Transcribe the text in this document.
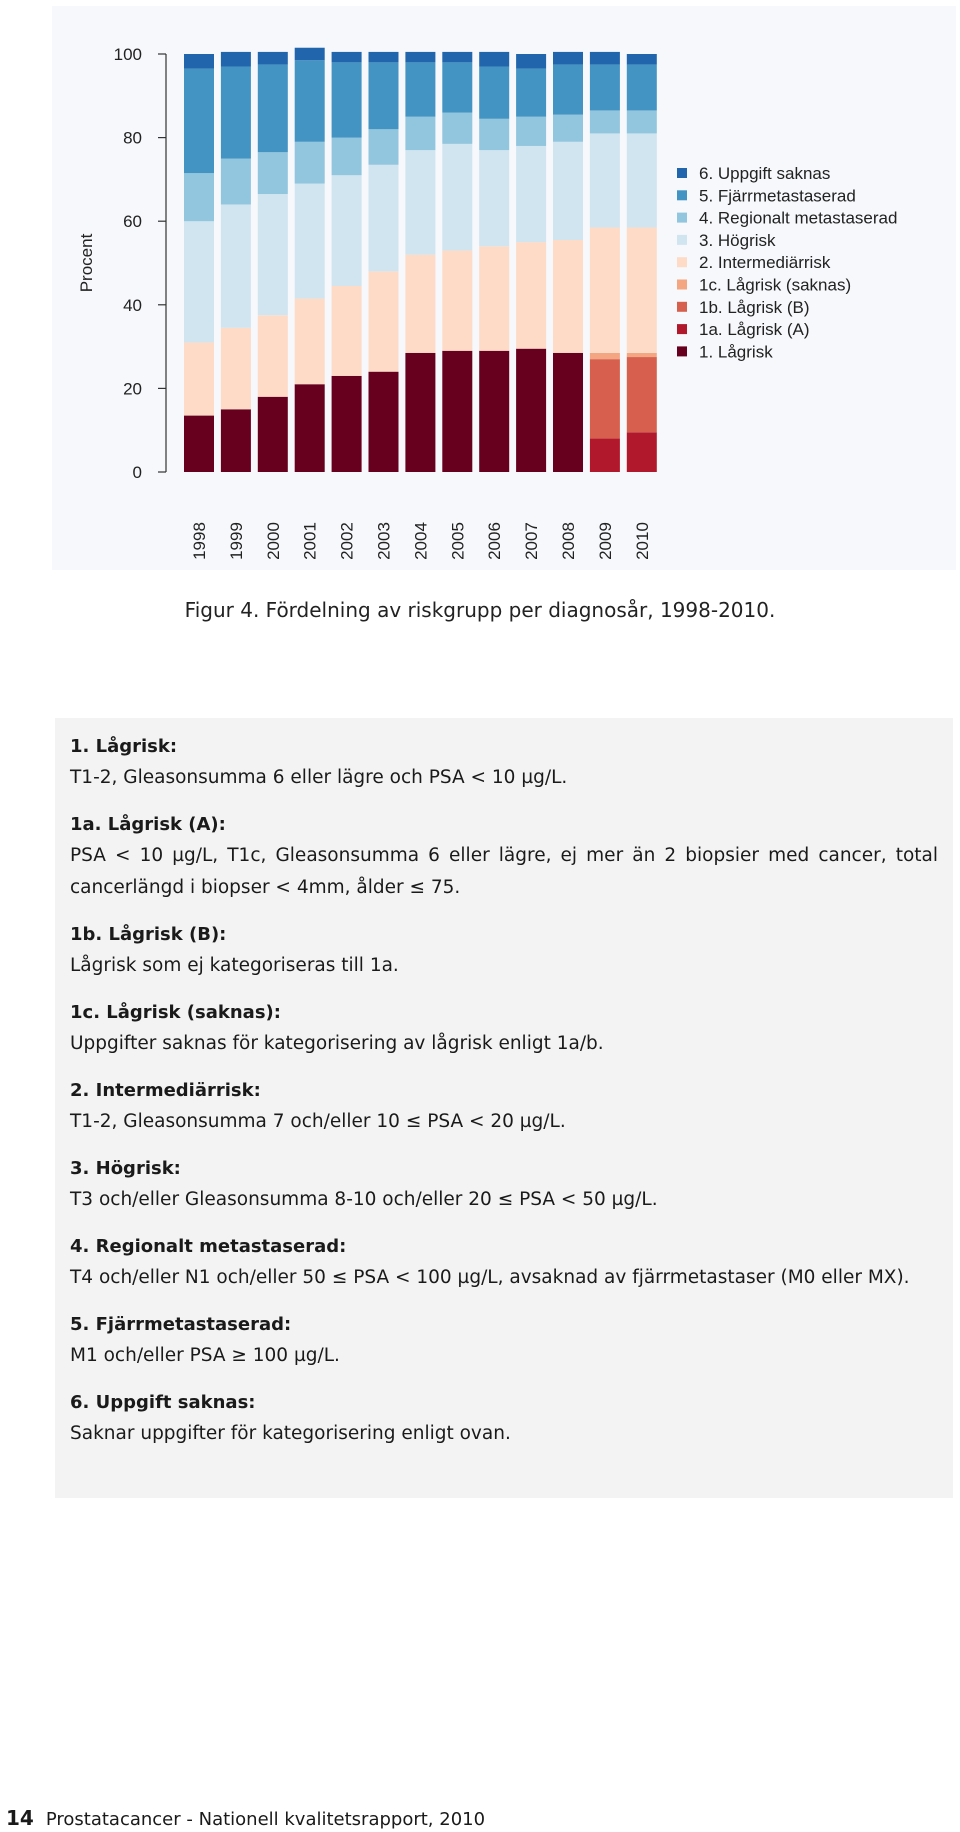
0
20
40
60
80
100
Procent
1998 1999 2000 2001 2002 2003 2004 2005 2006 2007 2008 2009 2010
6. Uppgift saknas
5. Fjärrmetastaserad
4. Regionalt metastaserad
3. Högrisk
2. Intermediärrisk
1c. Lågrisk (saknas)
1b. Lågrisk (B)
1a. Lågrisk (A)
1. Lågrisk
Figur 4. Fördelning av riskgrupp per diagnosår, 1998-2010.
1. Lågrisk:
T1-2, Gleasonsumma 6 eller lägre och PSA < 10 µg/L.
1a. Lågrisk (A):
PSA < 10 µg/L, T1c, Gleasonsumma 6 eller lägre, ej mer än 2 biopsier med cancer, total cancerlängd i biopser < 4mm, ålder ≤ 75.
1b. Lågrisk (B):
Lågrisk som ej kategoriseras till 1a.
1c. Lågrisk (saknas):
Uppgifter saknas för kategorisering av lågrisk enligt 1a/b.
2. Intermediärrisk:
T1-2, Gleasonsumma 7 och/eller 10 ≤ PSA < 20 µg/L.
3. Högrisk:
T3 och/eller Gleasonsumma 8-10 och/eller 20 ≤ PSA < 50 µg/L.
4. Regionalt metastaserad:
T4 och/eller N1 och/eller 50 ≤ PSA < 100 µg/L, avsaknad av fjärrmetastaser (M0 eller MX).
5. Fjärrmetastaserad:
M1 och/eller PSA ≥ 100 µg/L.
6. Uppgift saknas:
Saknar uppgifter för kategorisering enligt ovan.
14 Prostatacancer - Nationell kvalitetsrapport, 2010
